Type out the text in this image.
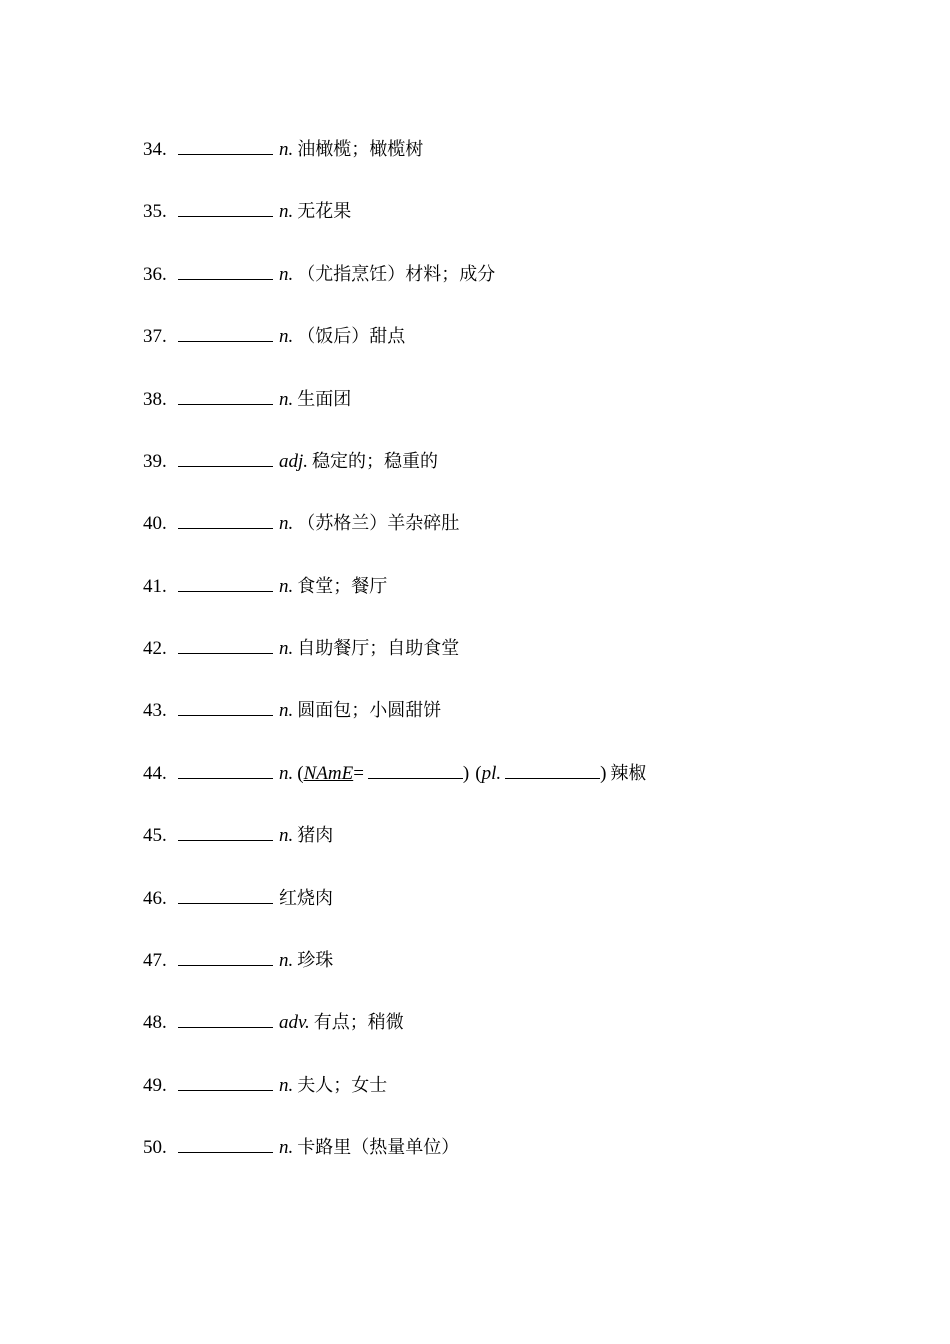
34.	n. 油橄榄；橄榄树
35.	n. 无花果
36.	n. （尤指烹饪）材料；成分
37.	n. （饭后）甜点
38.	n. 生面团
39.	adj. 稳定的；稳重的
40.	n. （苏格兰）羊杂碎肚
41.	n. 食堂；餐厅
42.	n. 自助餐厅；自助食堂
43.	n. 圆面包；小圆甜饼
44.	n. ( NAmE =	) ( pl.	) 辣椒
45.	n. 猪肉
46.	红烧肉
47.	n. 珍珠
48.	adv. 有点；稍微
49.	n. 夫人；女士
50.	n. 卡路里（热量单位）
